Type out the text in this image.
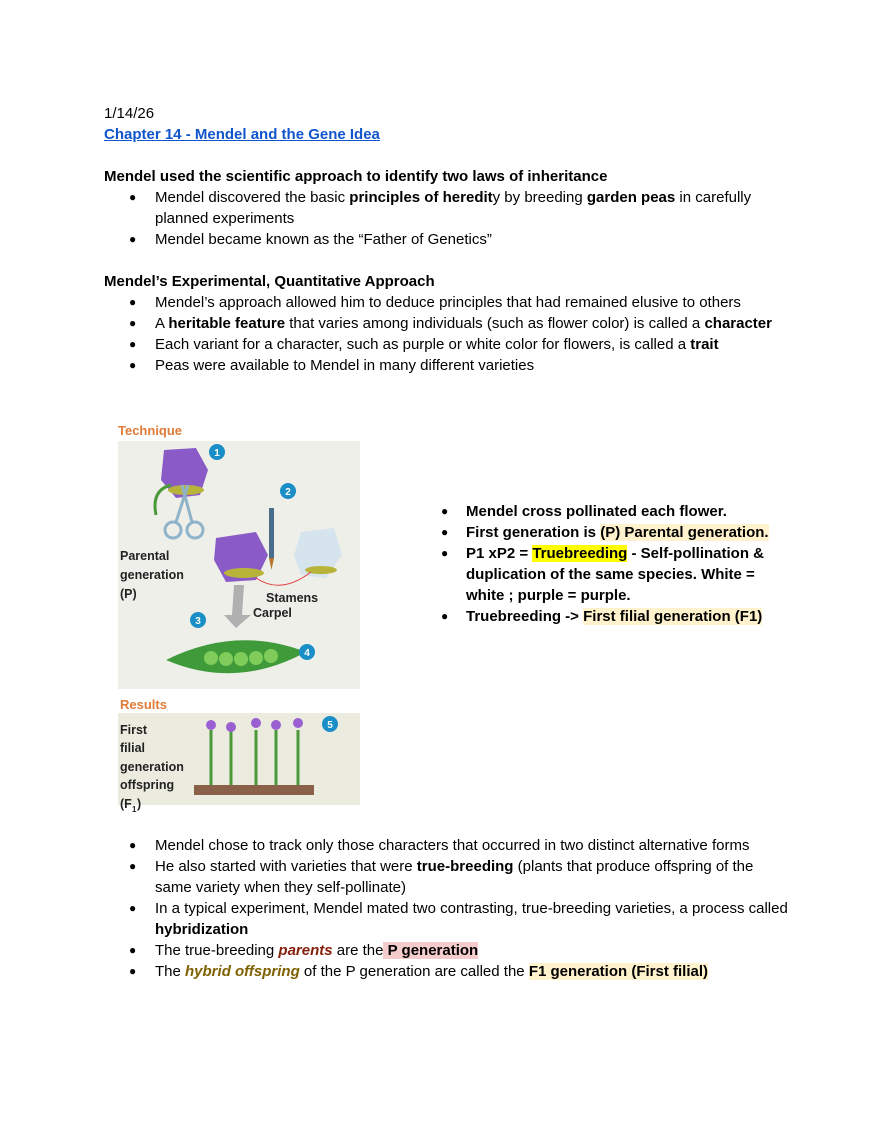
1/14/26
Chapter 14 - Mendel and the Gene Idea
Mendel used the scientific approach to identify two laws of inheritance
● Mendel discovered the basic principles of heredity by breeding garden peas in carefully planned experiments
● Mendel became known as the “Father of Genetics”
Mendel’s Experimental, Quantitative Approach
● Mendel’s approach allowed him to deduce principles that had remained elusive to others
● A heritable feature that varies among individuals (such as flower color) is called a character
● Each variant for a character, such as purple or white color for flowers, is called a trait
● Peas were available to Mendel in many different varieties
Technique
Parental
generation
(P)	Stamens
Carpel
Results
First
filial
generation
offspring
(F 1 )
1
2
3
4
5
● Mendel cross pollinated each flower.
● First generation is (P) Parental generation.
● P1 xP2 = Truebreeding - Self-pollination & duplication of the same species. White = white ; purple = purple.
● Truebreeding -> First filial generation (F1)
● Mendel chose to track only those characters that occurred in two distinct alternative forms
● He also started with varieties that were true-breeding (plants that produce offspring of the same variety when they self-pollinate)
● In a typical experiment, Mendel mated two contrasting, true-breeding varieties, a process called hybridization
● The true-breeding parents are the P generation
● The hybrid offspring of the P generation are called the F1 generation (First filial)
